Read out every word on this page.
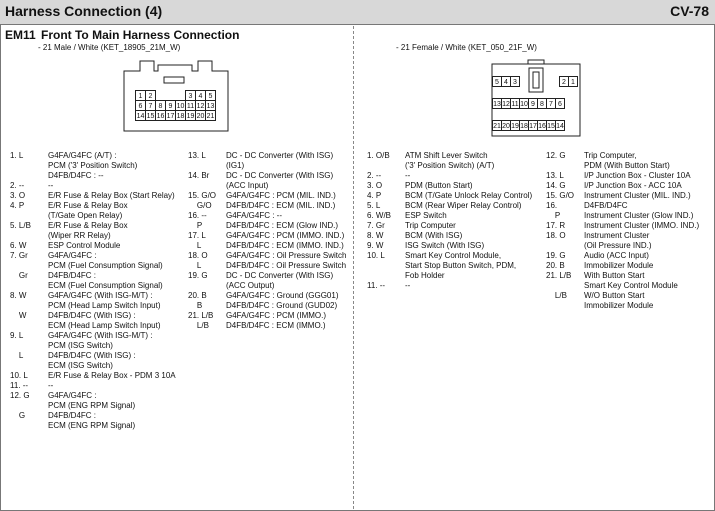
Harness Connection (4)	CV-78
EM11 Front To Main Harness Connection
- 21 Male / White (KET_18905_21M_W)	- 21 Female / White (KET_050_21F_W)
1 2	3 4 5
6 7 8 9 10 11 12 13
14 15 16 17 18 19 20 21
5 4 3	2 1
13 12 11 10 9 8 7 6
21 20 19 18 17 16 15 14
1. L	G4FA/G4FC (A/T) :
PCM ('3' Position Switch)
D4FB/D4FC : --
2. --	--
3. O	E/R Fuse & Relay Box (Start Relay)
4. P	E/R Fuse & Relay Box
(T/Gate Open Relay)
5. L/B	E/R Fuse & Relay Box
(Wiper RR Relay)
6. W	ESP Control Module
7. Gr	G4FA/G4FC :
PCM (Fuel Consumption Signal)
Gr	D4FB/D4FC :
ECM (Fuel Consumption Signal)
8. W	G4FA/G4FC (With ISG-M/T) :
PCM (Head Lamp Switch Input)
W	D4FB/D4FC (With ISG) :
ECM (Head Lamp Switch Input)
9. L	G4FA/G4FC (With ISG-M/T) :
PCM (ISG Switch)
L	D4FB/D4FC (With ISG) :
ECM (ISG Switch)
10. L	E/R Fuse & Relay Box - PDM 3 10A
11. --	--
12. G	G4FA/G4FC :
PCM (ENG RPM Signal)
G	D4FB/D4FC :
ECM (ENG RPM Signal)
13. L	DC - DC Converter (With ISG)
(IG1)
14. Br	DC - DC Converter (With ISG)
(ACC Input)
15. G/O	G4FA/G4FC : PCM (MIL. IND.)
G/O	D4FB/D4FC : ECM (MIL. IND.)
16. --	G4FA/G4FC : --
P	D4FB/D4FC : ECM (Glow IND.)
17. L	G4FA/G4FC : PCM (IMMO. IND.)
L	D4FB/D4FC : ECM (IMMO. IND.)
18. O	G4FA/G4FC : Oil Pressure Switch
L	D4FB/D4FC : Oil Pressure Switch
19. G	DC - DC Converter (With ISG)
(ACC Output)
20. B	G4FA/G4FC : Ground (GGG01)
B	D4FB/D4FC : Ground (GUD02)
21. L/B	G4FA/G4FC : PCM (IMMO.)
L/B	D4FB/D4FC : ECM (IMMO.)
1. O/B	ATM Shift Lever Switch
('3' Position Switch) (A/T)
2. --	--
3. O	PDM (Button Start)
4. P	BCM (T/Gate Unlock Relay Control)
5. L	BCM (Rear Wiper Relay Control)
6. W/B	ESP Switch
7. Gr	Trip Computer
8. W	BCM (With ISG)
9. W	ISG Switch (With ISG)
10. L	Smart Key Control Module,
Start Stop Button Switch, PDM,
Fob Holder
11. --	--
12. G	Trip Computer,
PDM (With Button Start)
13. L	I/P Junction Box - Cluster 10A
14. G	I/P Junction Box - ACC 10A
15. G/O	Instrument Cluster (MIL. IND.)
16.	D4FB/D4FC
P	Instrument Cluster (Glow IND.)
17. R	Instrument Cluster (IMMO. IND.)
18. O	Instrument Cluster
(Oil Pressure IND.)
19. G	Audio (ACC Input)
20. B	Immobilizer Module
21. L/B	With Button Start
Smart Key Control Module
L/B	W/O Button Start
Immobilizer Module
